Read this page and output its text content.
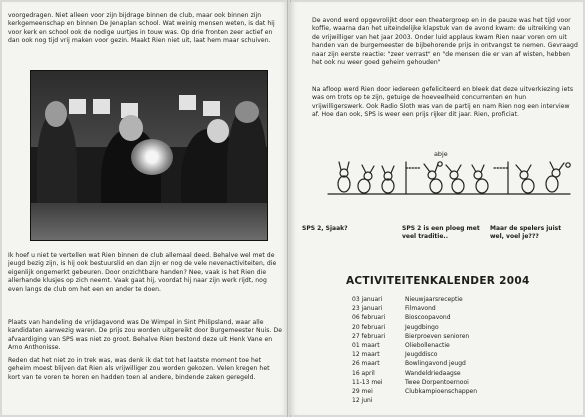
voorgedragen. Niet alleen voor zijn bijdrage binnen de club, maar ook binnen zijn kerkgemeenschap en binnen De Jenaplan school. Wat weinig mensen weten, is dat hij voor kerk en school ook de nodige uurtjes in touw was. Op drie fronten zeer actief en dan ook nog tijd vrij maken voor gezin. Maakt Rien niet uit, laat hem maar schuiven.

Ik hoef u niet te vertellen wat Rien binnen de club allemaal deed. Behalve wel met de jeugd bezig zijn, is hij ook bestuurslid en dan zijn er nog de vele nevenactiviteiten, die eigenlijk ongemerkt gebeuren. Door onzichtbare handen? Nee, vaak is het Rien die allerhande klusjes op zich neemt. Vaak gaat hij, voordat hij naar zijn werk rijdt, nog even langs de club om het een en ander te doen.

Plaats van handeling de vrijdagavond was De Wimpel in Sint Philipsland, waar alle kandidaten aanwezig waren. De prijs zou worden uitgereikt door Burgemeester Nuis. De afvaardiging van SPS was niet zo groot. Behalve Rien bestond deze uit Henk Vane en Arno Anthonisse.

Reden dat het niet zo in trek was, was denk ik dat tot het laatste moment toe het geheim moest blijven dat Rien als vrijwilliger zou worden gekozen. Velen kregen het kort van te voren te horen en hadden toen al andere, bindende zaken geregeld.

De avond werd opgevrolijkt door een theatergroep en in de pauze was het tijd voor koffie, waarna dan het uiteindelijke klapstuk van de avond kwam: de uitreiking van de vrijwilliger van het jaar 2003. Onder luid applaus kwam Rien naar voren om uit handen van de burgemeester de bijbehorende prijs in ontvangst te nemen. Gevraagd naar zijn eerste reactie: "zeer verrast" en "de mensen die er van af wisten, hebben het ook nu weer goed geheim gehouden"

Na afloop werd Rien door iedereen gefeliciteerd en bleek dat deze uitverkiezing iets was om trots op te zijn, getuige de hoeveelheid concurrenten en hun vrijwilligerswerk. Ook Radio Sloth was van de partij en nam Rien nog een interview af. Hoe dan ook, SPS is weer een prijs rijker dit jaar. Rien, proficiat.

abje
SPS 2, Sjaak?	SPS 2 is een ploeg met veel traditie..
Maar de spelers juist wel, voel je???
ACTIVITEITENKALENDER 2004
03 januari	Nieuwjaarsreceptie
23 januari	Filmavond
06 februari	Bioscoopavond
20 februari	Jeugdbingo
27 februari	Bierproeven senioren
01 maart	Oliebollenactie
12 maart	Jeugddisco
26 maart	Bowlingavond jeugd
16 april	Wandeldriedaagse
11-13 mei	Twee Dorpentoernooi
29 mei	Clubkampioenschappen
12 juni
